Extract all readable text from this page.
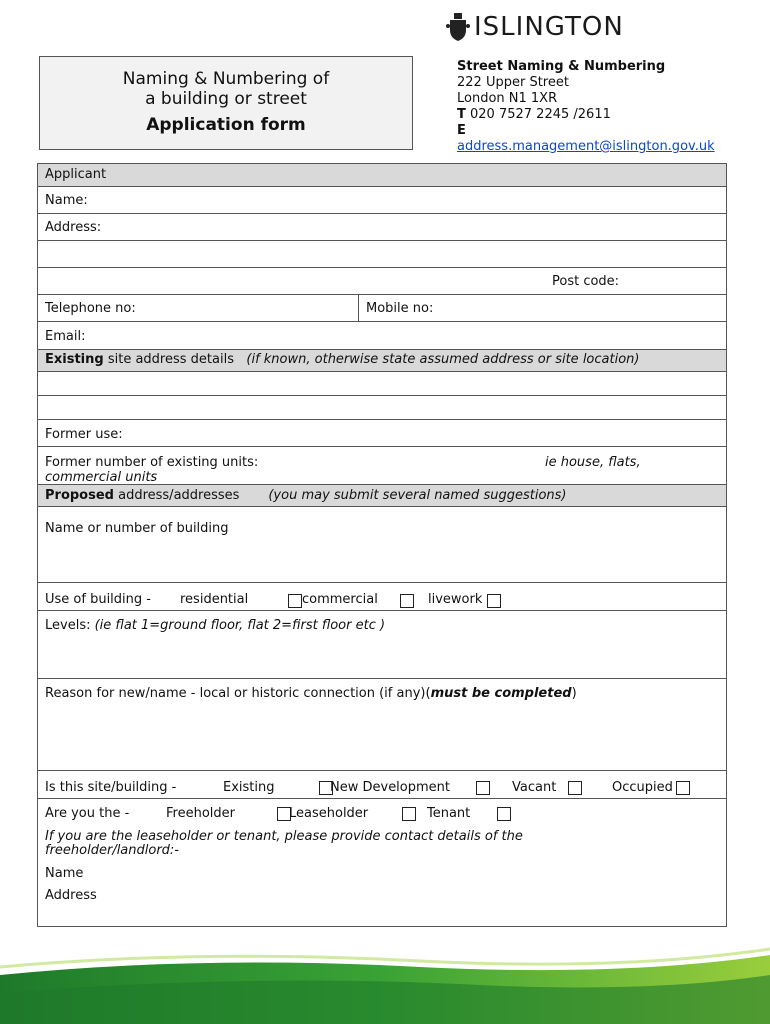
ISLINGTON
Naming & Numbering of
a building or street
Application form
Street Naming & Numbering
222 Upper Street
London N1 1XR
T 020 7527 2245 /2611
E
address.management@islington.gov.uk
Applicant
Name:
Address:
Post code:
Telephone no:	Mobile no:
Email:
Existing site address details (if known, otherwise state assumed address or site location)
Former use:
Former number of existing units:	ie house, flats,
commercial units
Proposed address/addresses (you may submit several named suggestions)
Name or number of building
Use of building - residential	commercial	livework
Levels: (ie flat 1=ground floor, flat 2=first floor etc )
Reason for new/name - local or historic connection (if any)(must be completed)
Is this site/building -	Existing	New Development	Vacant	Occupied
Are you the -	Freeholder	Leaseholder	Tenant
If you are the leaseholder or tenant, please provide contact details of the
freeholder/landlord:-
Name
Address
